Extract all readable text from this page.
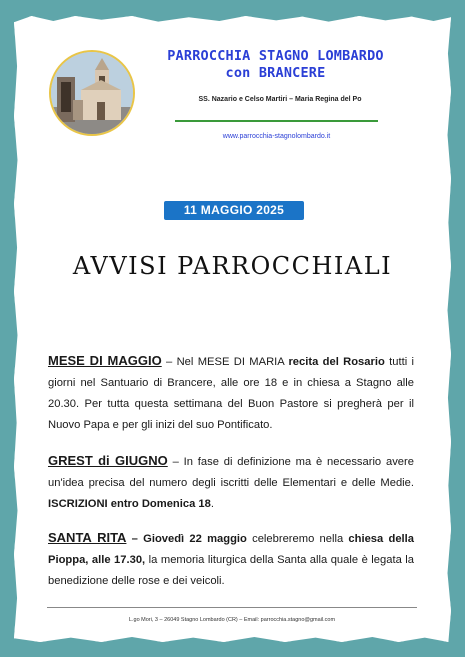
PARROCCHIA STAGNO LOMBARDO
con BRANCERE
SS. Nazario e Celso Martiri – Maria Regina del Po
www.parrocchia-stagnolombardo.it
11 MAGGIO 2025
AVVISI PARROCCHIALI
MESE DI MAGGIO – Nel MESE DI MARIA recita del Rosario tutti i giorni nel Santuario di Brancere, alle ore 18 e in chiesa a Stagno alle 20.30. Per tutta questa settimana del Buon Pastore si pregherà per il Nuovo Papa e per gli inizi del suo Pontificato.
GREST di GIUGNO – In fase di definizione ma è necessario avere un'idea precisa del numero degli iscritti delle Elementari e delle Medie. ISCRIZIONI entro Domenica 18.
SANTA RITA – Giovedì 22 maggio celebreremo nella chiesa della Pioppa, alle 17.30, la memoria liturgica della Santa alla quale è legata la benedizione delle rose e dei veicoli.
L.go Mori, 3 – 26049 Stagno Lombardo (CR) – Email: parrocchia.stagno@gmail.com
